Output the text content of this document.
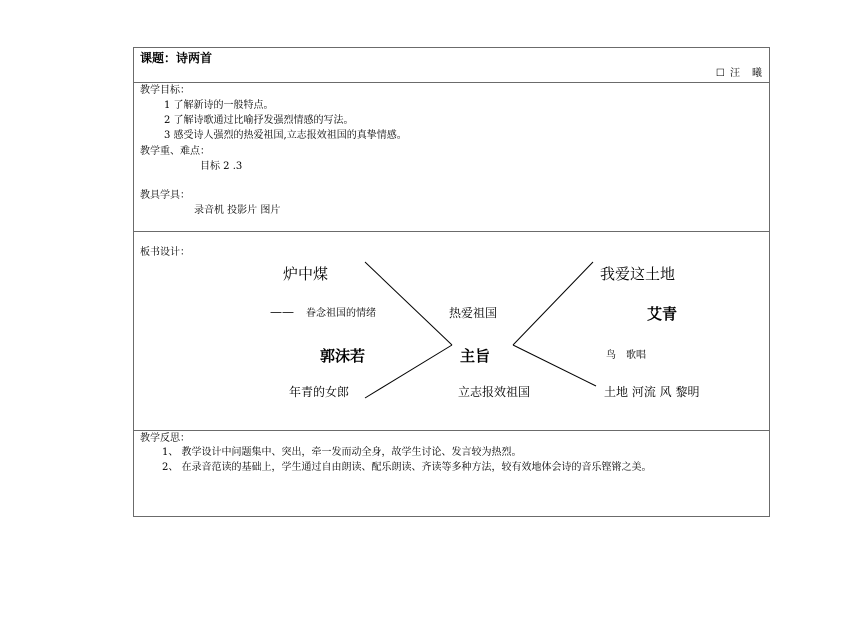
课题：诗两首
☐ 汪　曦
教学目标：
1 了解新诗的一般特点。
2 了解诗歌通过比喻抒发强烈情感的写法。
3 感受诗人强烈的热爱祖国,立志报效祖国的真挚情感。
教学重、难点：
目标 2 .3
教具学具：
录音机 投影片 图片
板书设计：
炉中煤
—— 眷念祖国的情绪
郭沫若
年青的女郎
热爱祖国
主旨
立志报效祖国
我爱这土地
艾青
鸟　歌唱
土地 河流 风 黎明
教学反思：
1、 教学设计中问题集中、突出，牵一发而动全身，故学生讨论、发言较为热烈。
2、 在录音范读的基础上，学生通过自由朗读、配乐朗读、齐读等多种方法，较有效地体会诗的音乐铿锵之美。
